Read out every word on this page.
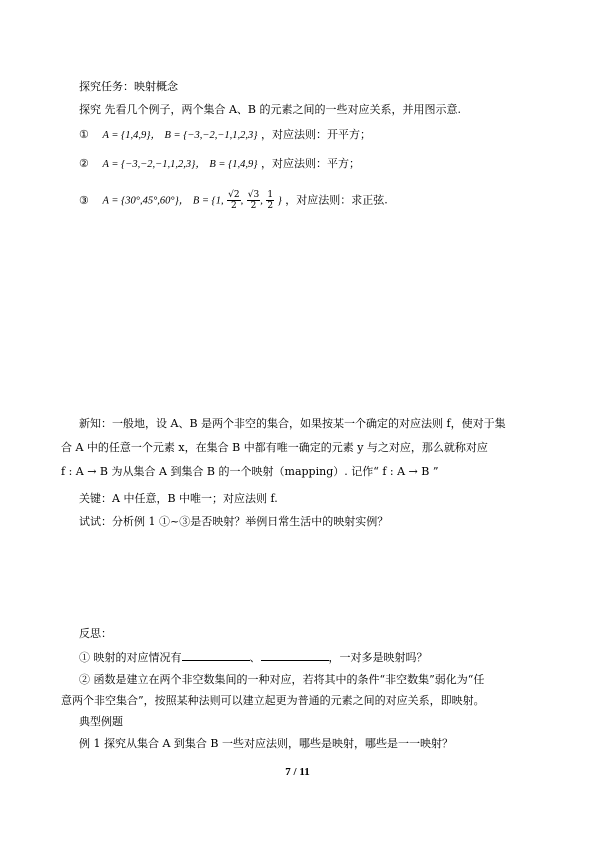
探究任务：映射概念
探究 先看几个例子，两个集合 A、B 的元素之间的一些对应关系，并用图示意.
① A = {1,4,9}， B = {−3,−2,−1,1,2,3} ，对应法则：开平方；
② A = {−3,−2,−1,1,2,3}， B = {1,4,9} ，对应法则：平方；
③ A = {30°,45°,60°}， B = {1, $\frac{√2}{2}$ , $\frac{√3}{2}$ , $\frac{1}{2}$ } ，对应法则：求正弦.
新知：一般地，设 A、B 是两个非空的集合，如果按某一个确定的对应法则 f，使对于集
合 A 中的任意一个元素 x，在集合 B 中都有唯一确定的元素 y 与之对应，那么就称对应
f : A → B 为从集合 A 到集合 B 的一个映射（mapping）. 记作“ f : A → B ”
关键：A 中任意，B 中唯一；对应法则 f.
试试：分析例 1 ①~③是否映射？举例日常生活中的映射实例？
反思：
① 映射的对应情况有	、	，一对多是映射吗？
② 函数是建立在两个非空数集间的一种对应，若将其中的条件“非空数集”弱化为“任
意两个非空集合”，按照某种法则可以建立起更为普通的元素之间的对应关系，即映射。
典型例题
例 1 探究从集合 A 到集合 B 一些对应法则，哪些是映射，哪些是一一映射？
7 / 11
